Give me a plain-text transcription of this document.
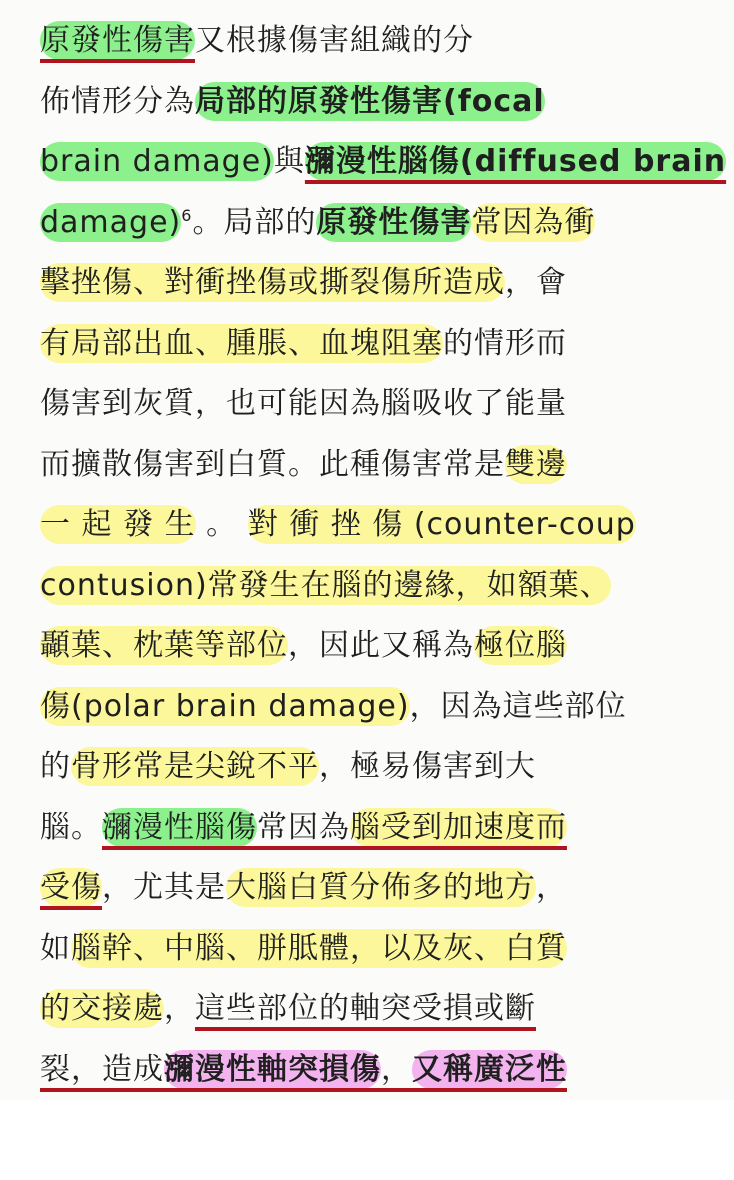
原發性傷害又根據傷害組織的分
佈情形分為局部的原發性傷害(focal
brain damage)與瀰漫性腦傷(diffused brain
damage)$^6$。局部的原發性傷害常因為衝
擊挫傷、對衝挫傷或撕裂傷所造成，會
有局部出血、腫脹、血塊阻塞的情形而
傷害到灰質，也可能因為腦吸收了能量
而擴散傷害到白質。此種傷害常是雙邊
一 起 發 生 。 對 衝 挫 傷 (counter-coup
contusion)常發生在腦的邊緣，如額葉、
顳葉、枕葉等部位，因此又稱為極位腦
傷(polar brain damage)，因為這些部位
的骨形常是尖銳不平，極易傷害到大
腦。瀰漫性腦傷常因為腦受到加速度而
受傷，尤其是大腦白質分佈多的地方，
如腦幹、中腦、胼胝體，以及灰、白質
的交接處，這些部位的軸突受損或斷
裂，造成瀰漫性軸突損傷，又稱廣泛性
